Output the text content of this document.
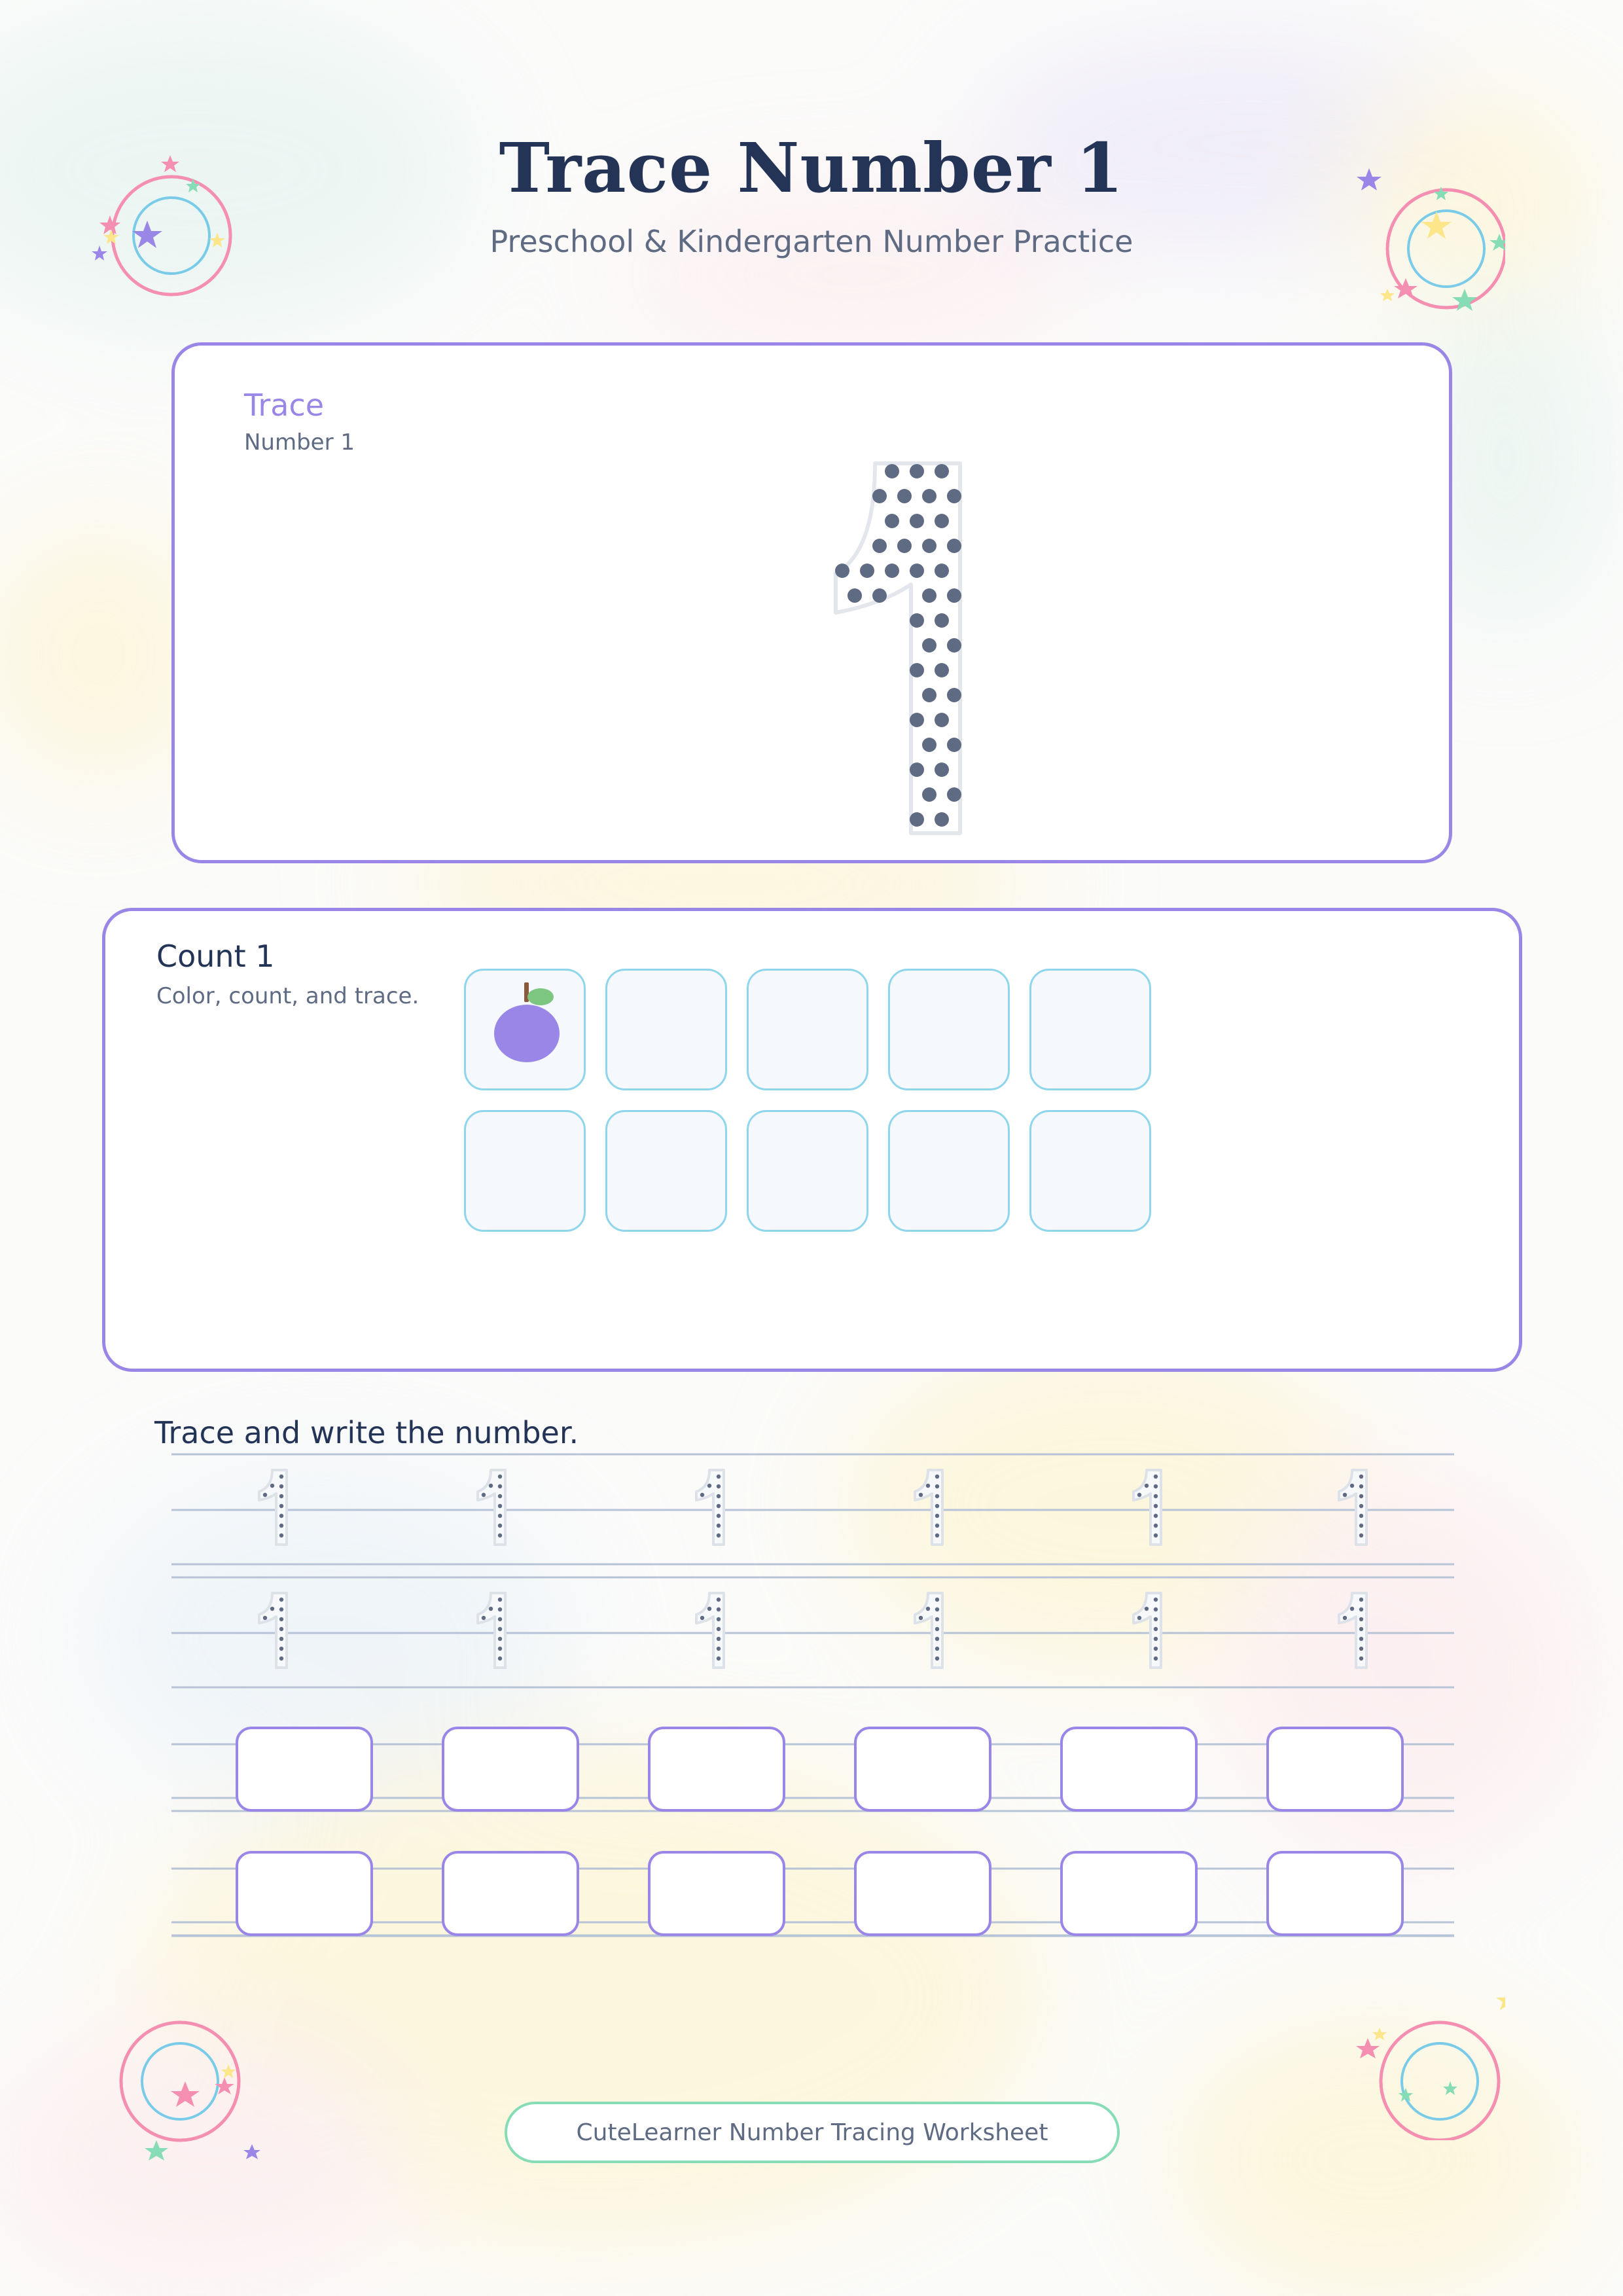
Trace Number 1
Preschool & Kindergarten Number Practice
Trace
Number 1
Count 1
Color, count, and trace.
Trace and write the number.
CuteLearner Number Tracing Worksheet
